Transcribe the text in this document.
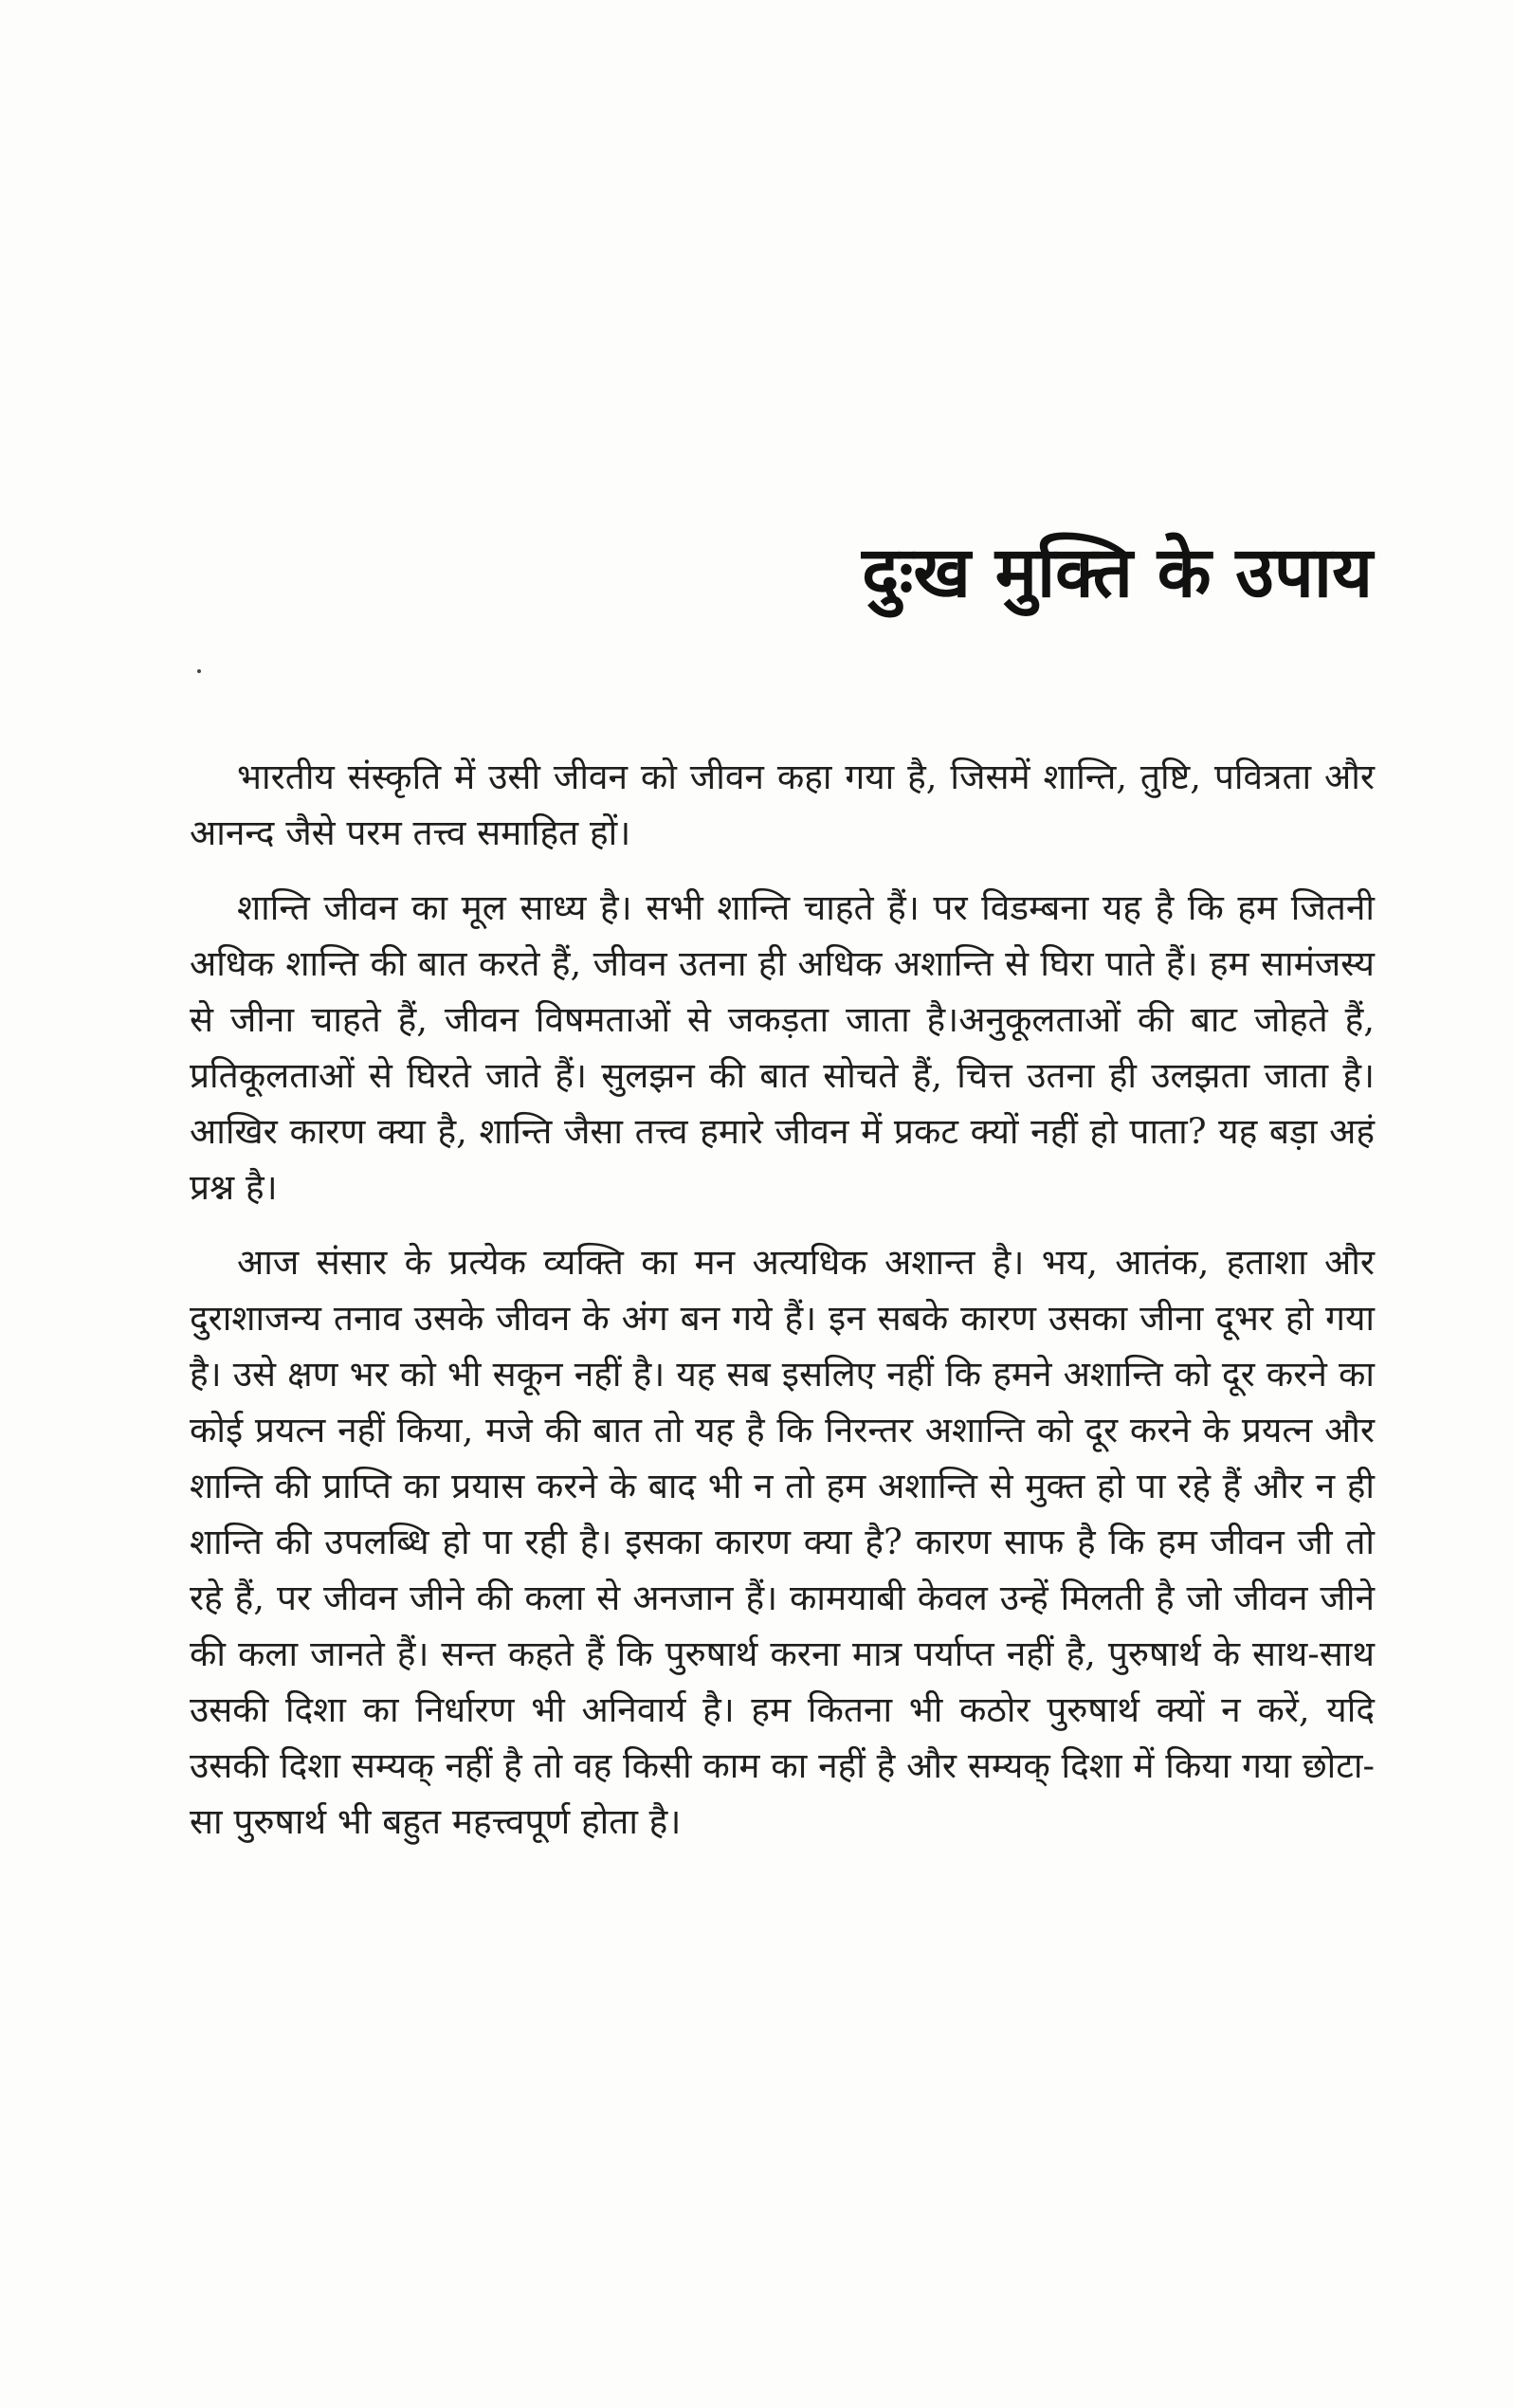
दुःख मुक्ति के उपाय

भारतीय संस्कृति में उसी जीवन को जीवन कहा गया है, जिसमें शान्ति, तुष्टि, पवित्रता और आनन्द जैसे परम तत्त्व समाहित हों।

शान्ति जीवन का मूल साध्य है। सभी शान्ति चाहते हैं। पर विडम्बना यह है कि हम जितनी अधिक शान्ति की बात करते हैं, जीवन उतना ही अधिक अशान्ति से घिरा पाते हैं। हम सामंजस्य से जीना चाहते हैं, जीवन विषमताओं से जकड़ता जाता है।अनुकूलताओं की बाट जोहते हैं, प्रतिकूलताओं से घिरते जाते हैं। सुलझन की बात सोचते हैं, चित्त उतना ही उलझता जाता है। आखिर कारण क्या है, शान्ति जैसा तत्त्व हमारे जीवन में प्रकट क्यों नहीं हो पाता? यह बड़ा अहं प्रश्न है।

आज संसार के प्रत्येक व्यक्ति का मन अत्यधिक अशान्त है। भय, आतंक, हताशा और दुराशाजन्य तनाव उसके जीवन के अंग बन गये हैं। इन सबके कारण उसका जीना दूभर हो गया है। उसे क्षण भर को भी सकून नहीं है। यह सब इसलिए नहीं कि हमने अशान्ति को दूर करने का कोई प्रयत्न नहीं किया, मजे की बात तो यह है कि निरन्तर अशान्ति को दूर करने के प्रयत्न और शान्ति की प्राप्ति का प्रयास करने के बाद भी न तो हम अशान्ति से मुक्त हो पा रहे हैं और न ही शान्ति की उपलब्धि हो पा रही है। इसका कारण क्या है? कारण साफ है कि हम जीवन जी तो रहे हैं, पर जीवन जीने की कला से अनजान हैं। कामयाबी केवल उन्हें मिलती है जो जीवन जीने की कला जानते हैं। सन्त कहते हैं कि पुरुषार्थ करना मात्र पर्याप्त नहीं है, पुरुषार्थ के साथ-साथ उसकी दिशा का निर्धारण भी अनिवार्य है। हम कितना भी कठोर पुरुषार्थ क्यों न करें, यदि उसकी दिशा सम्यक् नहीं है तो वह किसी काम का नहीं है और सम्यक् दिशा में किया गया छोटा-सा पुरुषार्थ भी बहुत महत्त्वपूर्ण होता है।
